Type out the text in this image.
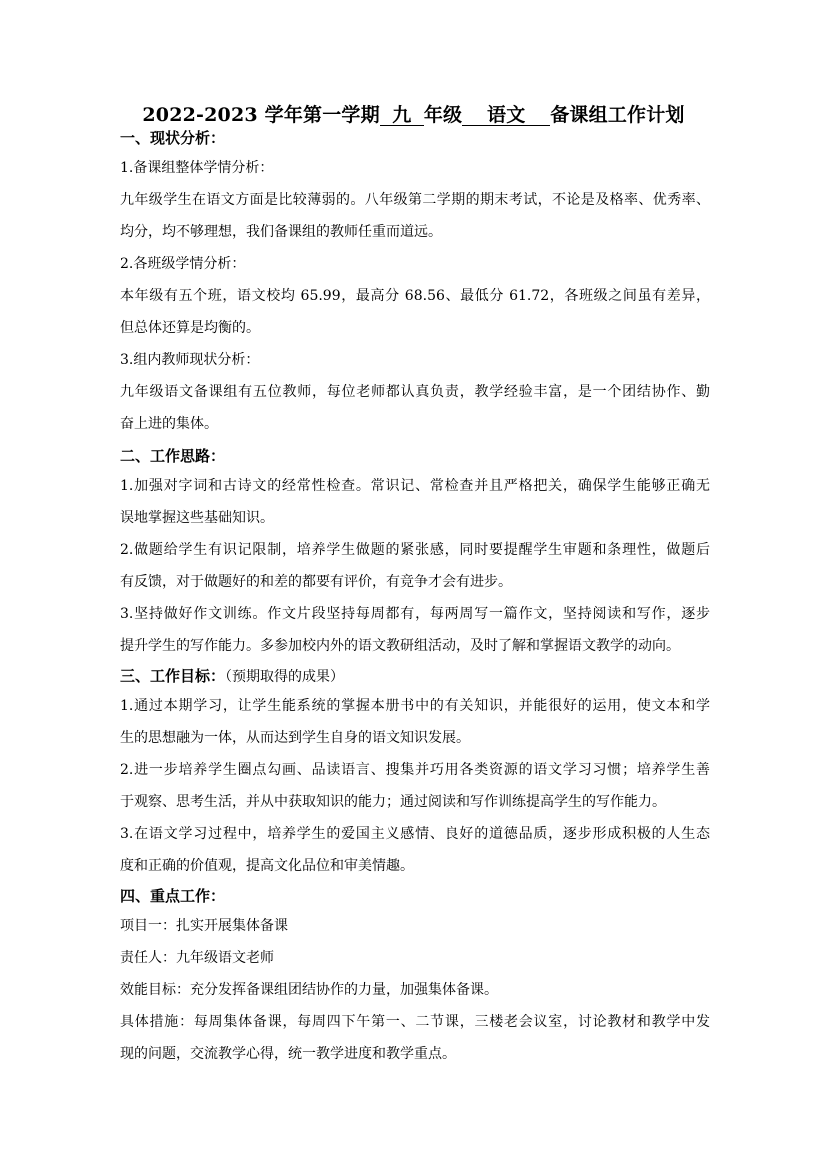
2022-2023 学年第一学期 九 年级 语文 备课组工作计划
一、现状分析：
1.备课组整体学情分析：
九年级学生在语文方面是比较薄弱的。八年级第二学期的期末考试，不论是及格率、优秀率、
均分，均不够理想，我们备课组的教师任重而道远。
2.各班级学情分析：
本年级有五个班，语文校均 65.99，最高分 68.56、最低分 61.72，各班级之间虽有差异，
但总体还算是均衡的。
3.组内教师现状分析：
九年级语文备课组有五位教师，每位老师都认真负责，教学经验丰富，是一个团结协作、勤
奋上进的集体。
二、工作思路：
1.加强对字词和古诗文的经常性检查。常识记、常检查并且严格把关，确保学生能够正确无
误地掌握这些基础知识。
2.做题给学生有识记限制，培养学生做题的紧张感，同时要提醒学生审题和条理性，做题后
有反馈，对于做题好的和差的都要有评价，有竞争才会有进步。
3.坚持做好作文训练。作文片段坚持每周都有，每两周写一篇作文，坚持阅读和写作，逐步
提升学生的写作能力。多参加校内外的语文教研组活动，及时了解和掌握语文教学的动向。
三、工作目标：（预期取得的成果）
1.通过本期学习，让学生能系统的掌握本册书中的有关知识，并能很好的运用，使文本和学
生的思想融为一体，从而达到学生自身的语文知识发展。
2.进一步培养学生圈点勾画、品读语言、搜集并巧用各类资源的语文学习习惯；培养学生善
于观察、思考生活，并从中获取知识的能力；通过阅读和写作训练提高学生的写作能力。
3.在语文学习过程中，培养学生的爱国主义感情、良好的道德品质，逐步形成积极的人生态
度和正确的价值观，提高文化品位和审美情趣。
四、重点工作：
项目一：扎实开展集体备课
责任人：九年级语文老师
效能目标：充分发挥备课组团结协作的力量，加强集体备课。
具体措施：每周集体备课，每周四下午第一、二节课，三楼老会议室，讨论教材和教学中发
现的问题，交流教学心得，统一教学进度和教学重点。
